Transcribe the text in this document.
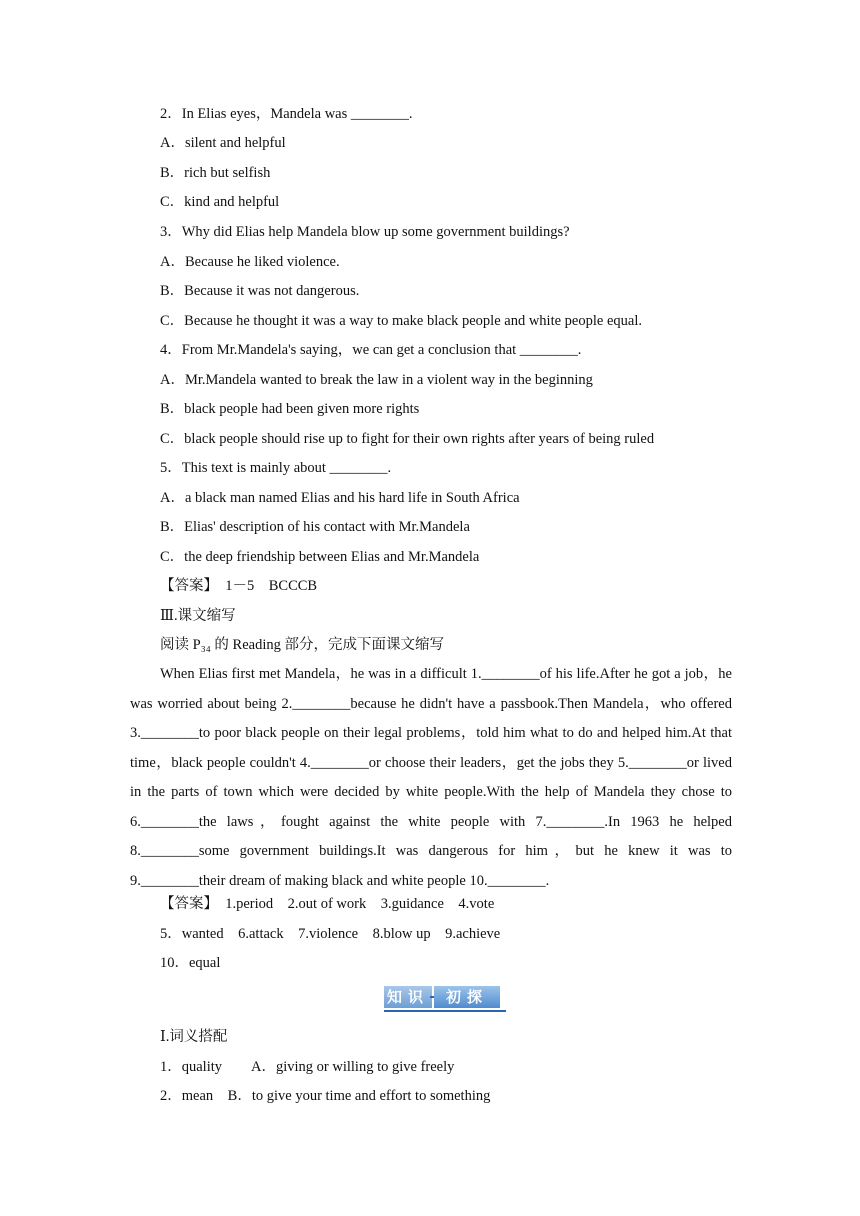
2．In Elias eyes，Mandela was ________.
A．silent and helpful
B．rich but selfish
C．kind and helpful
3．Why did Elias help Mandela blow up some government buildings?
A．Because he liked violence.
B．Because it was not dangerous.
C．Because he thought it was a way to make black people and white people equal.
4．From Mr.Mandela's saying，we can get a conclusion that ________.
A．Mr.Mandela wanted to break the law in a violent way in the beginning
B．black people had been given more rights
C．black people should rise up to fight for their own rights after years of being ruled
5．This text is mainly about ________.
A．a black man named Elias and his hard life in South Africa
B．Elias' description of his contact with Mr.Mandela
C．the deep friendship between Elias and Mr.Mandela
【答案】　1－5　BCCCB
Ⅲ.课文缩写
阅读 P₃₄ 的 Reading 部分，完成下面课文缩写
When Elias first met Mandela，he was in a difficult 1.________of his life.After he got a job，he was worried about being 2.________because he didn't have a passbook.Then Mandela，who offered 3.________to poor black people on their legal problems，told him what to do and helped him.At that time，black people couldn't 4.________or choose their leaders，get the jobs they 5.________or lived in the parts of town which were decided by white people.With the help of Mandela they chose to 6.________the laws，fought against the white people with 7.________.In 1963 he helped 8.________some government buildings.It was dangerous for him，but he knew it was to 9.________their dream of making black and white people 10.________.
【答案】　1.period　2.out of work　3.guidance　4.vote
5．wanted　6.attack　7.violence　8.blow up　9.achieve
10．equal
知识	初探
Ⅰ.词义搭配
1．quality　　A．giving or willing to give freely
2．mean　B．to give your time and effort to something
